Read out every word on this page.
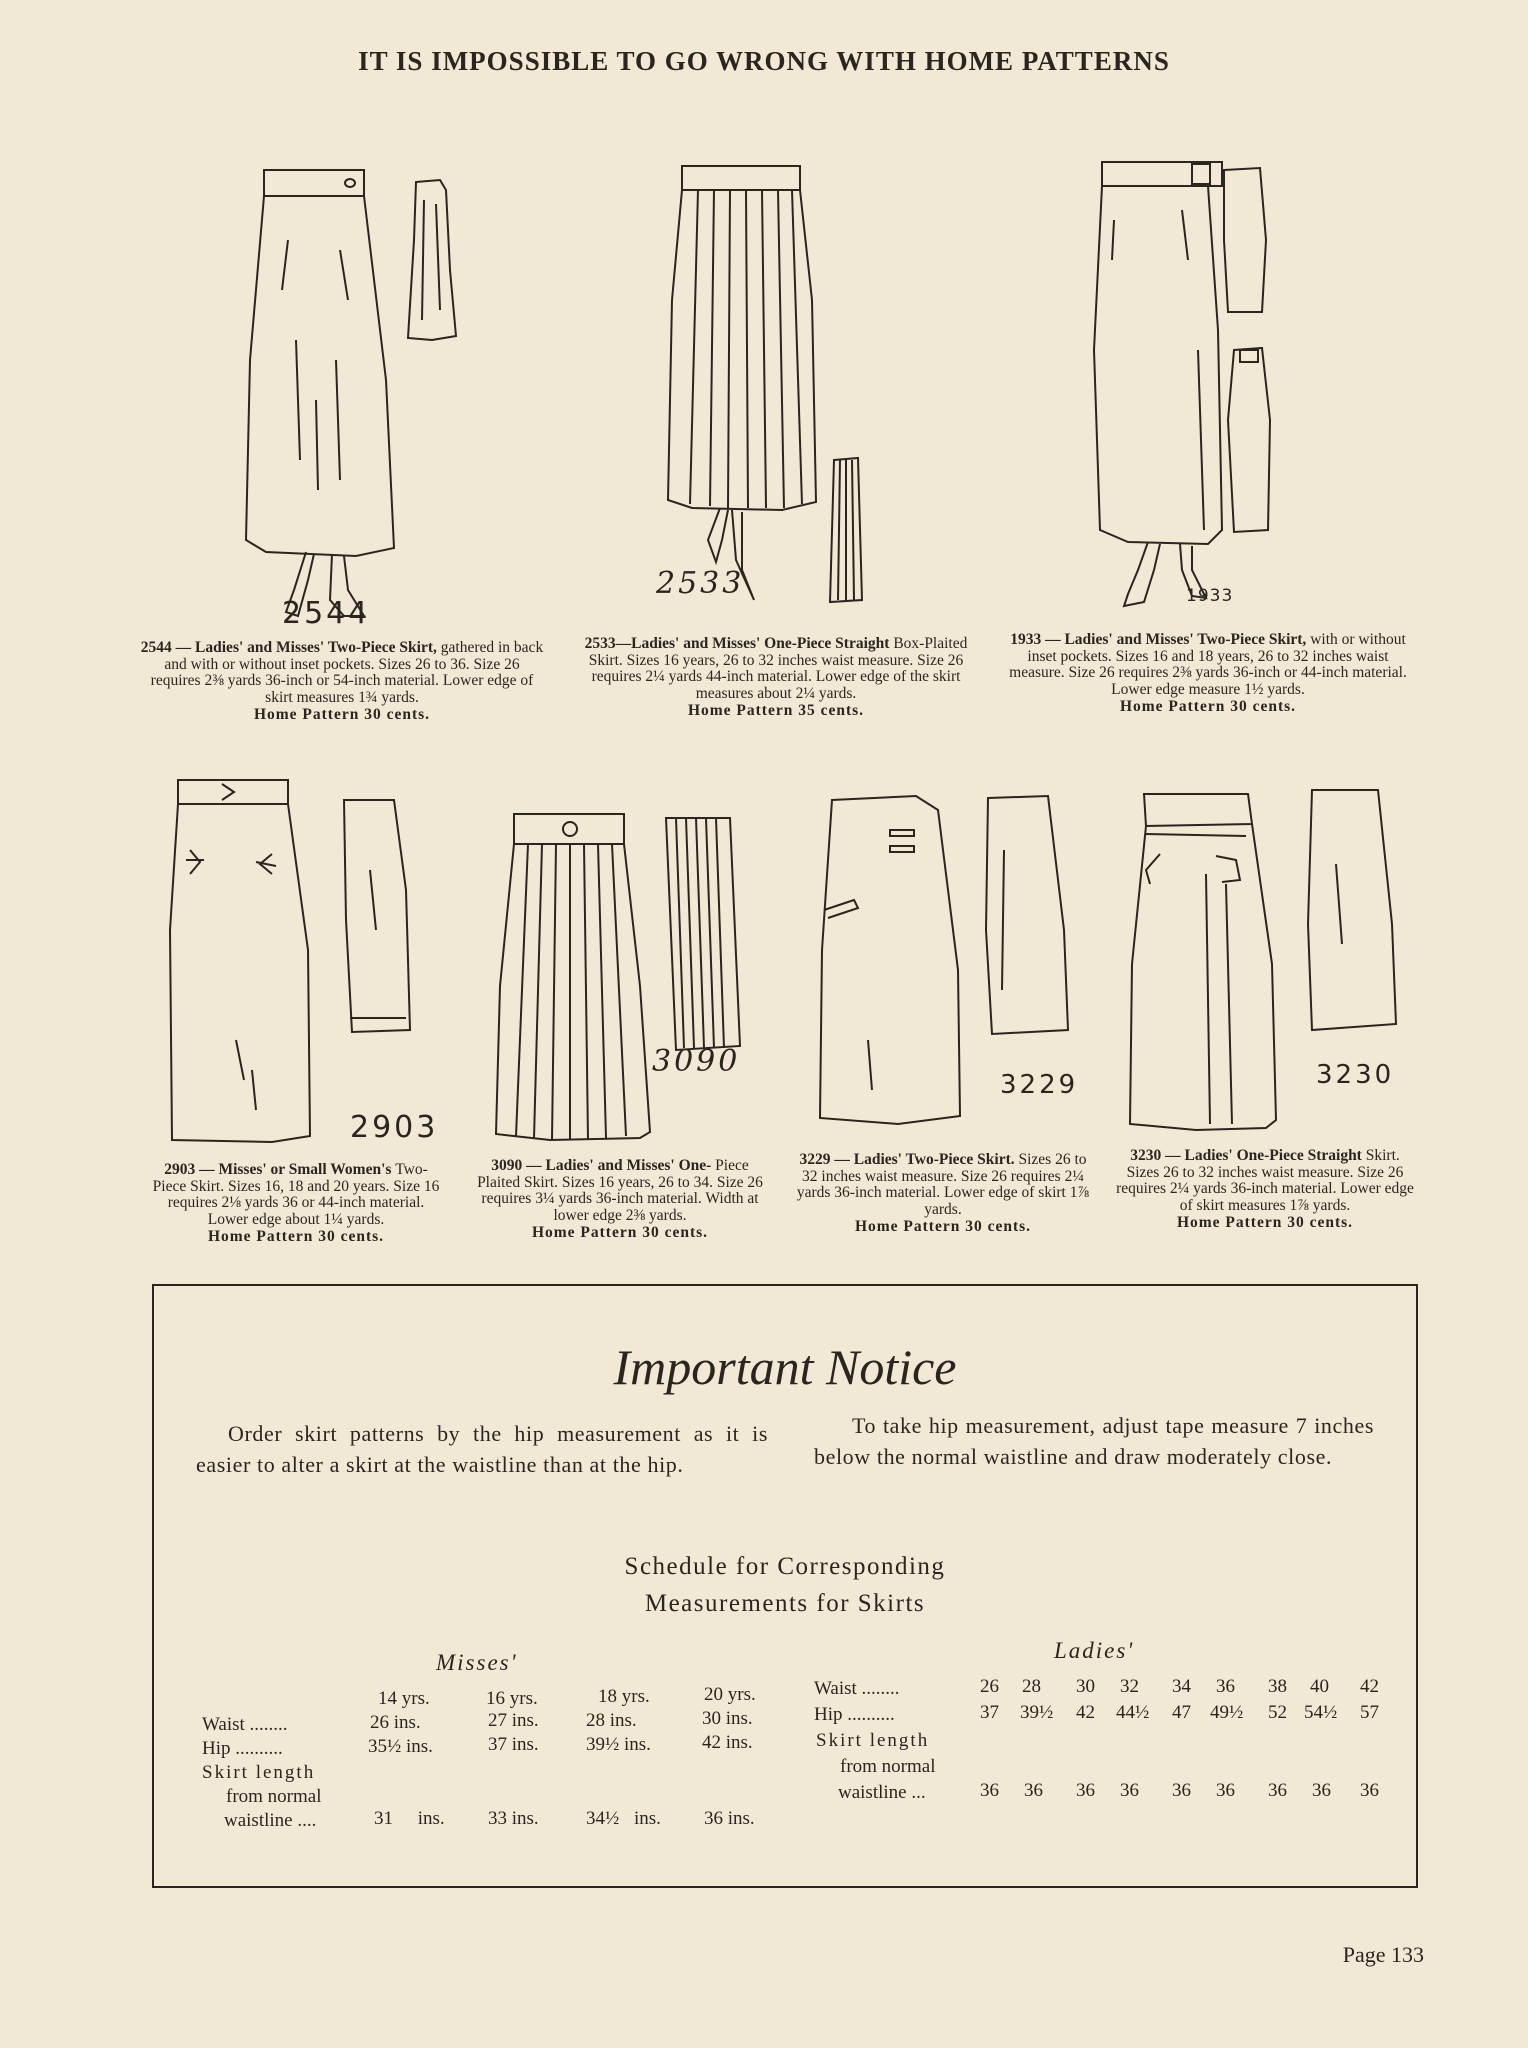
IT IS IMPOSSIBLE TO GO WRONG WITH HOME PATTERNS
2544
2533	1933
2544 — Ladies' and Misses' Two-Piece Skirt, gathered in back and with or without inset pockets. Sizes 26 to 36. Size 26 requires 2⅜ yards 36-inch or 54-inch material. Lower edge of skirt measures 1¾ yards.
Home Pattern 30 cents.
2533—Ladies' and Misses' One-Piece Straight Box-Plaited Skirt. Sizes 16 years, 26 to 32 inches waist measure. Size 26 requires 2¼ yards 44-inch material. Lower edge of the skirt measures about 2¼ yards.
Home Pattern 35 cents.
1933 — Ladies' and Misses' Two-Piece Skirt, with or without inset pockets. Sizes 16 and 18 years, 26 to 32 inches waist measure. Size 26 requires 2⅜ yards 36-inch or 44-inch material. Lower edge measure 1½ yards.
Home Pattern 30 cents.
2903
3090
3229	3230
2903 — Misses' or Small Women's Two-Piece Skirt. Sizes 16, 18 and 20 years. Size 16 requires 2⅛ yards 36 or 44-inch material. Lower edge about 1¼ yards.
Home Pattern 30 cents.
3090 — Ladies' and Misses' One- Piece Plaited Skirt. Sizes 16 years, 26 to 34. Size 26 requires 3¼ yards 36-inch material. Width at lower edge 2⅜ yards.
Home Pattern 30 cents.
3229 — Ladies' Two-Piece Skirt. Sizes 26 to 32 inches waist measure. Size 26 requires 2¼ yards 36-inch material. Lower edge of skirt 1⅞ yards.
Home Pattern 30 cents.
3230 — Ladies' One-Piece Straight Skirt. Sizes 26 to 32 inches waist measure. Size 26 requires 2¼ yards 36-inch material. Lower edge of skirt measures 1⅞ yards.
Home Pattern 30 cents.
Important Notice
Order skirt patterns by the hip measurement as it is easier to alter a skirt at the waistline than at the hip.
To take hip measurement, adjust tape measure 7 inches below the normal waistline and draw moderately close.
Schedule for Corresponding
Measurements for Skirts
Misses'
14 yrs.	16 yrs.	18 yrs.	20 yrs.
Waist ........	26 ins.	27 ins. 28 ins.	30 ins.
Hip ..........	35½ ins.	37 ins. 39½ ins.	42 ins.
Skirt length
from normal
waistline ....	31 ins. 33 ins. 34½ ins. 36 ins.
Ladies'
Waist ........	26 28 30 32 34 36 38 40 42
Hip ..........	37 39½ 42 44½ 47 49½ 52 54½ 57
Skirt length
from normal
waistline ...	36 36 36 36 36 36 36 36 36
Page 133
